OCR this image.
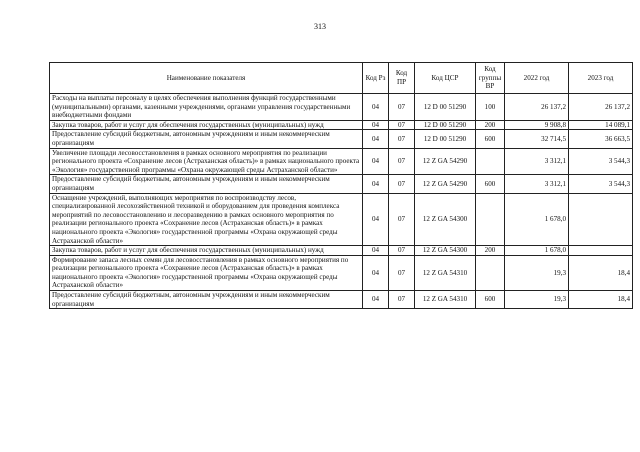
313
Наименование показателя	Код Рз	Код ПР	Код ЦСР	Код группы ВР	2022 год	2023 год
Расходы на выплаты персоналу в целях обеспечения выполнения функций государственными (муниципальными) органами, казенными учреждениями, органами управления государственными внебюджетными фондами	04	07	12 D 00 51290	100	26 137,2	26 137,2
Закупка товаров, работ и услуг для обеспечения государственных (муниципальных) нужд	04	07	12 D 00 51290	200	9 908,8	14 089,1
Предоставление субсидий бюджетным, автономным учреждениям и иным некоммерческим организациям	04	07	12 D 00 51290	600	32 714,5	36 663,5
Увеличение площади лесовосстановления в рамках основного мероприятия по реализации регионального проекта «Сохранение лесов (Астраханская область)» в рамках национального проекта «Экология» государственной программы «Охрана окружающей среды Астраханской области»	04	07	12 Z GA 54290		3 312,1	3 544,3
Предоставление субсидий бюджетным, автономным учреждениям и иным некоммерческим организациям	04	07	12 Z GA 54290	600	3 312,1	3 544,3
Оснащение учреждений, выполняющих мероприятия по воспроизводству лесов, специализированной лесохозяйственной техникой и оборудованием для проведения комплекса мероприятий по лесовосстановлению и лесоразведению в рамках основного мероприятия по реализации регионального проекта «Сохранение лесов (Астраханская область)» в рамках национального проекта «Экология» государственной программы «Охрана окружающей среды Астраханской области»	04	07	12 Z GA 54300		1 678,0	
Закупка товаров, работ и услуг для обеспечения государственных (муниципальных) нужд	04	07	12 Z GA 54300	200	1 678,0	
Формирование запаса лесных семян для лесовосстановления в рамках основного мероприятия по реализации регионального проекта «Сохранение лесов (Астраханская область)» в рамках национального проекта «Экология» государственной программы «Охрана окружающей среды Астраханской области»	04	07	12 Z GA 54310		19,3	18,4
Предоставление субсидий бюджетным, автономным учреждениям и иным некоммерческим организациям	04	07	12 Z GA 54310	600	19,3	18,4
